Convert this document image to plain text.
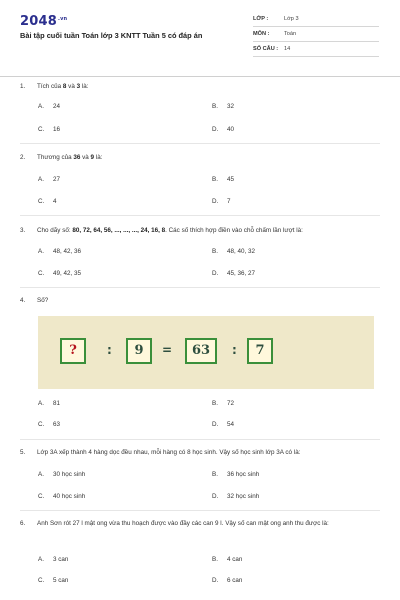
$2048^{.vn}$
Bài tập cuối tuần Toán lớp 3 KNTT Tuần 5 có đáp án
LỚP :	Lớp 3
MÔN :	Toán
SỐ CÂU : 14
1. Tích của 8 và 3 là:
A. 24	B. 32
C. 16	D. 40
2. Thương của 36 và 9 là:
A. 27	B. 45
C. 4	D. 7
3. Cho dãy số: 80, 72, 64, 56, ..., ..., ..., 24, 16, 8. Các số thích hợp điền vào chỗ chấm lần lượt là:
A. 48, 42, 36	B. 48, 40, 32
C. 49, 42, 35	D. 45, 36, 27
4. Số?
?	:	9	=	63	:	7
A. 81	B. 72
C. 63	D. 54
5. Lớp 3A xếp thành 4 hàng dọc đều nhau, mỗi hàng có 8 học sinh. Vậy số học sinh lớp 3A có là:
A. 30 học sinh	B. 36 học sinh
C. 40 học sinh	D. 32 học sinh
6. Anh Sơn rót 27 l mật ong vừa thu hoạch được vào đầy các can 9 l. Vậy số can mật ong anh thu được là:
A. 3 can	B. 4 can
C. 5 can	D. 6 can
